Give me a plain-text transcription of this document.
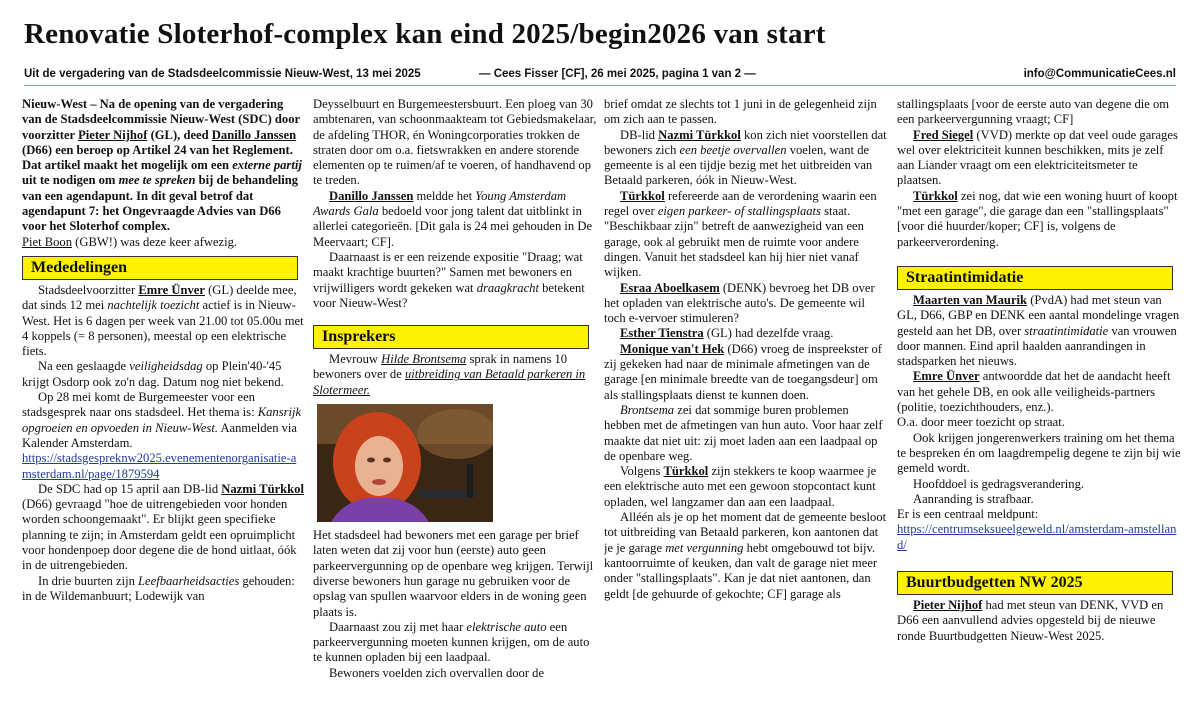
Renovatie Sloterhof-complex kan eind 2025/begin2026 van start
Uit de vergadering van de Stadsdeelcommissie Nieuw-West, 13 mei 2025	— Cees Fisser [CF], 26 mei 2025, pagina 1 van 2 —	info@CommunicatieCees.nl

Nieuw-West – Na de opening van de vergadering van de Stadsdeelcommissie Nieuw-West (SDC) door voorzitter Pieter Nijhof (GL), deed Danillo Janssen (D66) een beroep op Artikel 24 van het Reglement. Dat artikel maakt het mogelijk om een externe partij uit te nodigen om mee te spreken bij de behandeling van een agendapunt. In dit geval betrof dat agendapunt 7: het Ongevraagde Advies van D66 voor het Sloterhof complex.

Piet Boon (GBW!) was deze keer afwezig.

Mededelingen

Stadsdeelvoorzitter Emre Ünver (GL) deelde mee, dat sinds 12 mei nachtelijk toezicht actief is in Nieuw-West. Het is 6 dagen per week van 21.00 tot 05.00u met 4 koppels (= 8 personen), meestal op een elektrische fiets.

Na een geslaagde veiligheidsdag op Plein'40-'45 krijgt Osdorp ook zo'n dag. Datum nog niet bekend.

Op 28 mei komt de Burgemeester voor een stadsgesprek naar ons stadsdeel. Het thema is: Kansrijk opgroeien en opvoeden in Nieuw-West. Aanmelden via Kalender Amsterdam.

https://stadsgespreknw2025.evenementenorganisatie-amsterdam.nl/page/1879594

De SDC had op 15 april aan DB-lid Nazmi Türkkol (D66) gevraagd "hoe de uitrengebieden voor honden worden schoongemaakt". Er blijkt geen specifieke planning te zijn; in Amsterdam geldt een opruimplicht voor hondenpoep door degene die de hond uitlaat, óók in de uitrengebieden.

In drie buurten zijn Leefbaarheidsacties gehouden: in de Wildemanbuurt; Lodewijk van

Deysselbuurt en Burgemeestersbuurt. Een ploeg van 30 ambtenaren, van schoonmaakteam tot Gebiedsmakelaar, de afdeling THOR, én Woningcorporaties trokken de straten door om o.a. fietswrakken en andere storende elementen op te ruimen/af te voeren, of handhavend op te treden.

Danillo Janssen meldde het Young Amsterdam Awards Gala bedoeld voor jong talent dat uitblinkt in allerlei categorieën. [Dit gala is 24 mei gehouden in De Meervaart; CF].

Daarnaast is er een reizende expositie "Draag; wat maakt krachtige buurten?" Samen met bewoners en vrijwilligers wordt gekeken wat draagkracht betekent voor Nieuw-West?

Insprekers

Mevrouw Hilde Brontsema sprak in namens 10 bewoners over de uitbreiding van Betaald parkeren in Slotermeer.

Het stadsdeel had bewoners met een garage per brief laten weten dat zij voor hun (eerste) auto geen parkeervergunning op de openbare weg krijgen. Terwijl diverse bewoners hun garage nu gebruiken voor de opslag van spullen waarvoor elders in de woning geen plaats is.

Daarnaast zou zij met haar elektrische auto een parkeervergunning moeten kunnen krijgen, om de auto te kunnen opladen bij een laadpaal.

Bewoners voelden zich overvallen door de

brief omdat ze slechts tot 1 juni in de gelegenheid zijn om zich aan te passen.

DB-lid Nazmi Türkkol kon zich niet voorstellen dat bewoners zich een beetje overvallen voelen, want de gemeente is al een tijdje bezig met het uitbreiden van Betaald parkeren, óók in Nieuw-West.

Türkkol refereerde aan de verordening waarin een regel over eigen parkeer- of stallingsplaats staat. "Beschikbaar zijn" betreft de aanwezigheid van een garage, ook al gebruikt men de ruimte voor andere dingen. Vanuit het stadsdeel kan hij hier niet vanaf wijken.

Esraa Aboelkasem (DENK) bevroeg het DB over het opladen van elektrische auto's. De gemeente wil toch e-vervoer stimuleren?

Esther Tienstra (GL) had dezelfde vraag.

Monique van't Hek (D66) vroeg de inspreekster of zij gekeken had naar de minimale afmetingen van de garage [en minimale breedte van de toegangsdeur] om als stallingsplaats dienst te kunnen doen.

Brontsema zei dat sommige buren problemen hebben met de afmetingen van hun auto. Voor haar zelf maakte dat niet uit: zij moet laden aan een laadpaal op de openbare weg.

Volgens Türkkol zijn stekkers te koop waarmee je een elektrische auto met een gewoon stopcontact kunt opladen, wel langzamer dan aan een laadpaal.

Alléén als je op het moment dat de gemeente besloot tot uitbreiding van Betaald parkeren, kon aantonen dat je je garage met vergunning hebt omgebouwd tot bijv. kantoorruimte of keuken, dan valt de garage niet meer onder "stallingsplaats". Kan je dat niet aantonen, dan geldt [de gehuurde of gekochte; CF] garage als

stallingsplaats [voor de eerste auto van degene die om een parkeervergunning vraagt; CF]

Fred Siegel (VVD) merkte op dat veel oude garages wel over elektriciteit kunnen beschikken, mits je zelf aan Liander vraagt om een elektriciteitsmeter te plaatsen.

Türkkol zei nog, dat wie een woning huurt of koopt "met een garage", die garage dan een "stallingsplaats" [voor dié huurder/koper; CF] is, volgens de parkeerverordening.

Straatintimidatie

Maarten van Maurik (PvdA) had met steun van GL, D66, GBP en DENK een aantal mondelinge vragen gesteld aan het DB, over straatintimidatie van vrouwen door mannen. Eind april haalden aanrandingen in stadsparken het nieuws.

Emre Ünver antwoordde dat het de aandacht heeft van het gehele DB, en ook alle veiligheids-partners (politie, toezichthouders, enz.).

O.a. door meer toezicht op straat.

Ook krijgen jongerenwerkers training om het thema te bespreken én om laagdrempelig degene te zijn bij wie gemeld wordt.

Hoofddoel is gedragsverandering.

Aanranding is strafbaar.

Er is een centraal meldpunt:

https://centrumseksueelgeweld.nl/amsterdam-amstelland/

Buurtbudgetten NW 2025

Pieter Nijhof had met steun van DENK, VVD en D66 een aanvullend advies opgesteld bij de nieuwe ronde Buurtbudgetten Nieuw-West 2025.
